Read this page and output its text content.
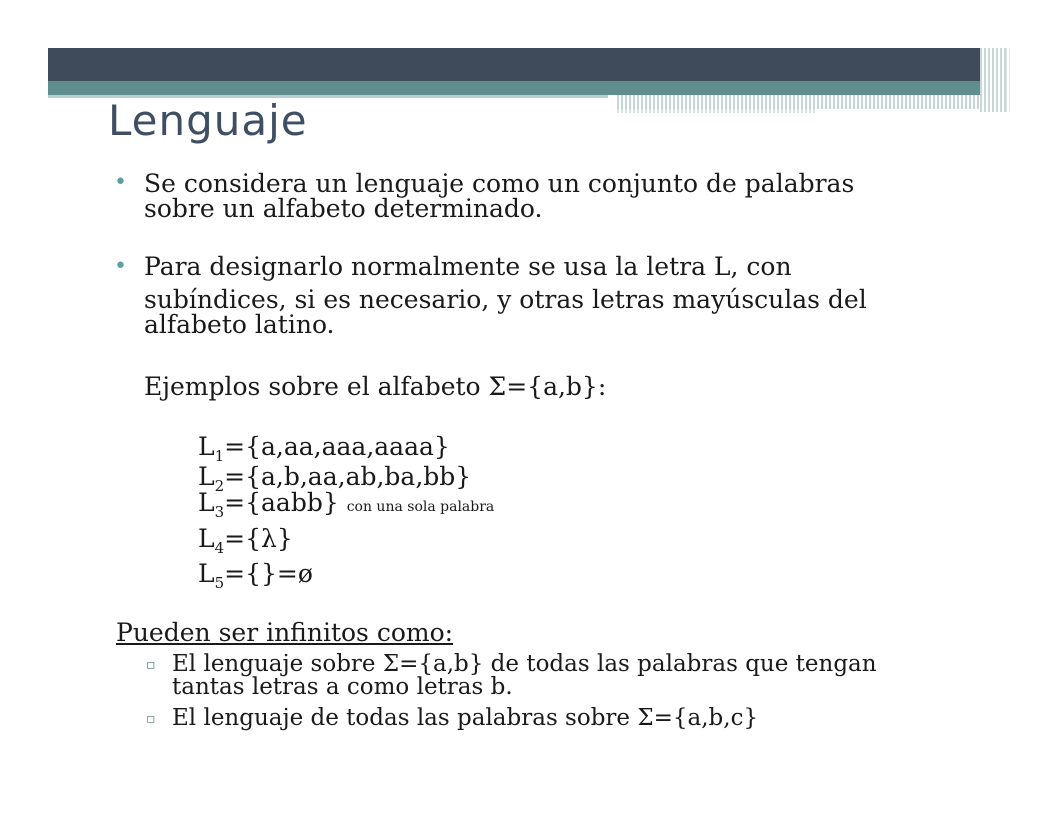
Lenguaje
• Se considera un lenguaje como un conjunto de palabras
sobre un alfabeto determinado.
• Para designarlo normalmente se usa la letra L, con
subíndices, si es necesario, y otras letras mayúsculas del
alfabeto latino.
Ejemplos sobre el alfabeto Σ={a,b}:
$L_1=\{a,aa,aaa,aaaa\}$
$L_2=\{a,b,aa,ab,ba,bb\}$
$L_3=\{aabb\}$ con una sola palabra
$L_4=\{\lambda\}$
$L_5=\{\}=ø$
Pueden ser infinitos como:
▫ El lenguaje sobre Σ={a,b} de todas las palabras que tengan
tantas letras a como letras b.
▫ El lenguaje de todas las palabras sobre Σ={a,b,c}
